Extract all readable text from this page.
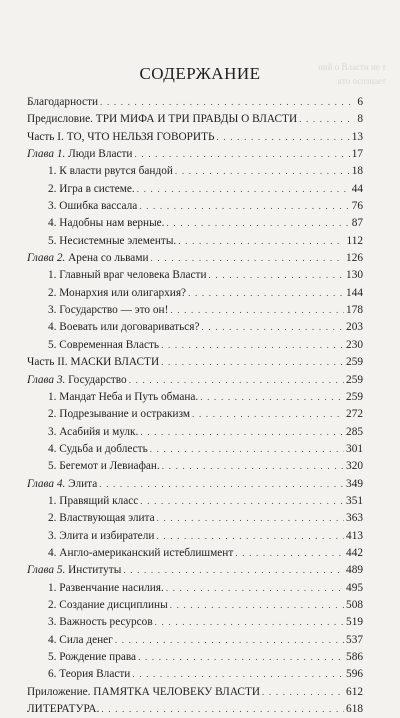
ний о Власти не т
кто осознает
СОДЕРЖАНИЕ
Благодарности . . .	6
Предисловие. ТРИ МИФА И ТРИ ПРАВДЫ О ВЛАСТИ . . .	8
Часть I. ТО, ЧТО НЕЛЬЗЯ ГОВОРИТЬ . . .	13
Глава 1. Люди Власти . . .	17
1. К власти рвутся бандой . . .	18
2. Игра в системе. . . .	44
3. Ошибка вассала . . .	76
4. Надобны нам верные. . . .	87
5. Несистемные элементы. . . .	112
Глава 2. Арена со львами . . .	126
1. Главный враг человека Власти . . .	130
2. Монархия или олигархия? . . .	144
3. Государство — это он! . . .	178
4. Воевать или договариваться? . . .	203
5. Современная Власть . . .	230
Часть II. МАСКИ ВЛАСТИ . . .	259
Глава 3. Государство . . .	259
1. Мандат Неба и Путь обмана. . . .	259
2. Подрезывание и остракизм . . .	272
3. Асабийя и мулк. . . .	285
4. Судьба и доблесть . . .	301
5. Бегемот и Левиафан. . . .	320
Глава 4. Элита . . .	349
1. Правящий класс . . .	351
2. Властвующая элита . . .	363
3. Элита и избиратели . . .	413
4. Англо-американский истеблишмент . . .	442
Глава 5. Институты . . .	489
1. Развенчание насилия. . . .	495
2. Создание дисциплины . . .	508
3. Важность ресурсов . . .	519
4. Сила денег . . .	537
5. Рождение права . . .	586
6. Теория Власти . . .	596
Приложение. ПАМЯТКА ЧЕЛОВЕКУ ВЛАСТИ . . .	612
ЛИТЕРАТУРА. . . .	618
